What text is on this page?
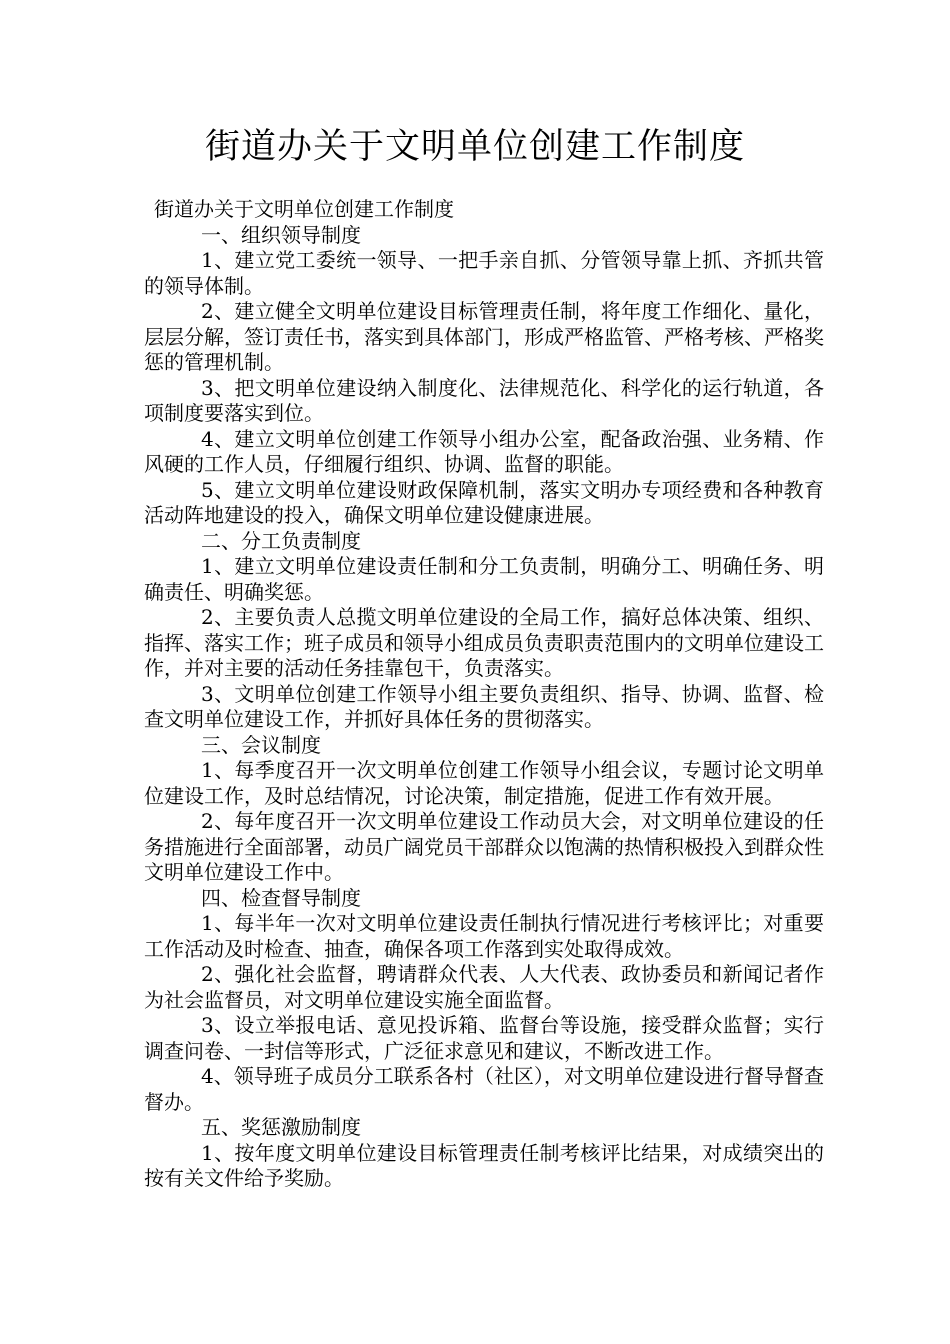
街道办关于文明单位创建工作制度

街道办关于文明单位创建工作制度

一、组织领导制度

1、建立党工委统一领导、一把手亲自抓、分管领导靠上抓、齐抓共管的领导体制。

2、建立健全文明单位建设目标管理责任制，将年度工作细化、量化，层层分解，签订责任书，落实到具体部门，形成严格监管、严格考核、严格奖惩的管理机制。

3、把文明单位建设纳入制度化、法律规范化、科学化的运行轨道，各项制度要落实到位。

4、建立文明单位创建工作领导小组办公室，配备政治强、业务精、作风硬的工作人员，仔细履行组织、协调、监督的职能。

5、建立文明单位建设财政保障机制，落实文明办专项经费和各种教育活动阵地建设的投入，确保文明单位建设健康进展。

二、分工负责制度

1、建立文明单位建设责任制和分工负责制，明确分工、明确任务、明确责任、明确奖惩。

2、主要负责人总揽文明单位建设的全局工作，搞好总体决策、组织、指挥、落实工作；班子成员和领导小组成员负责职责范围内的文明单位建设工作，并对主要的活动任务挂靠包干，负责落实。

3、文明单位创建工作领导小组主要负责组织、指导、协调、监督、检查文明单位建设工作，并抓好具体任务的贯彻落实。

三、会议制度

1、每季度召开一次文明单位创建工作领导小组会议，专题讨论文明单位建设工作，及时总结情况，讨论决策，制定措施，促进工作有效开展。

2、每年度召开一次文明单位建设工作动员大会，对文明单位建设的任务措施进行全面部署，动员广阔党员干部群众以饱满的热情积极投入到群众性文明单位建设工作中。

四、检查督导制度

1、每半年一次对文明单位建设责任制执行情况进行考核评比；对重要工作活动及时检查、抽查，确保各项工作落到实处取得成效。

2、强化社会监督，聘请群众代表、人大代表、政协委员和新闻记者作为社会监督员，对文明单位建设实施全面监督。

3、设立举报电话、意见投诉箱、监督台等设施，接受群众监督；实行调查问卷、一封信等形式，广泛征求意见和建议，不断改进工作。

4、领导班子成员分工联系各村（社区），对文明单位建设进行督导督查督办。

五、奖惩激励制度

1、按年度文明单位建设目标管理责任制考核评比结果，对成绩突出的按有关文件给予奖励。
